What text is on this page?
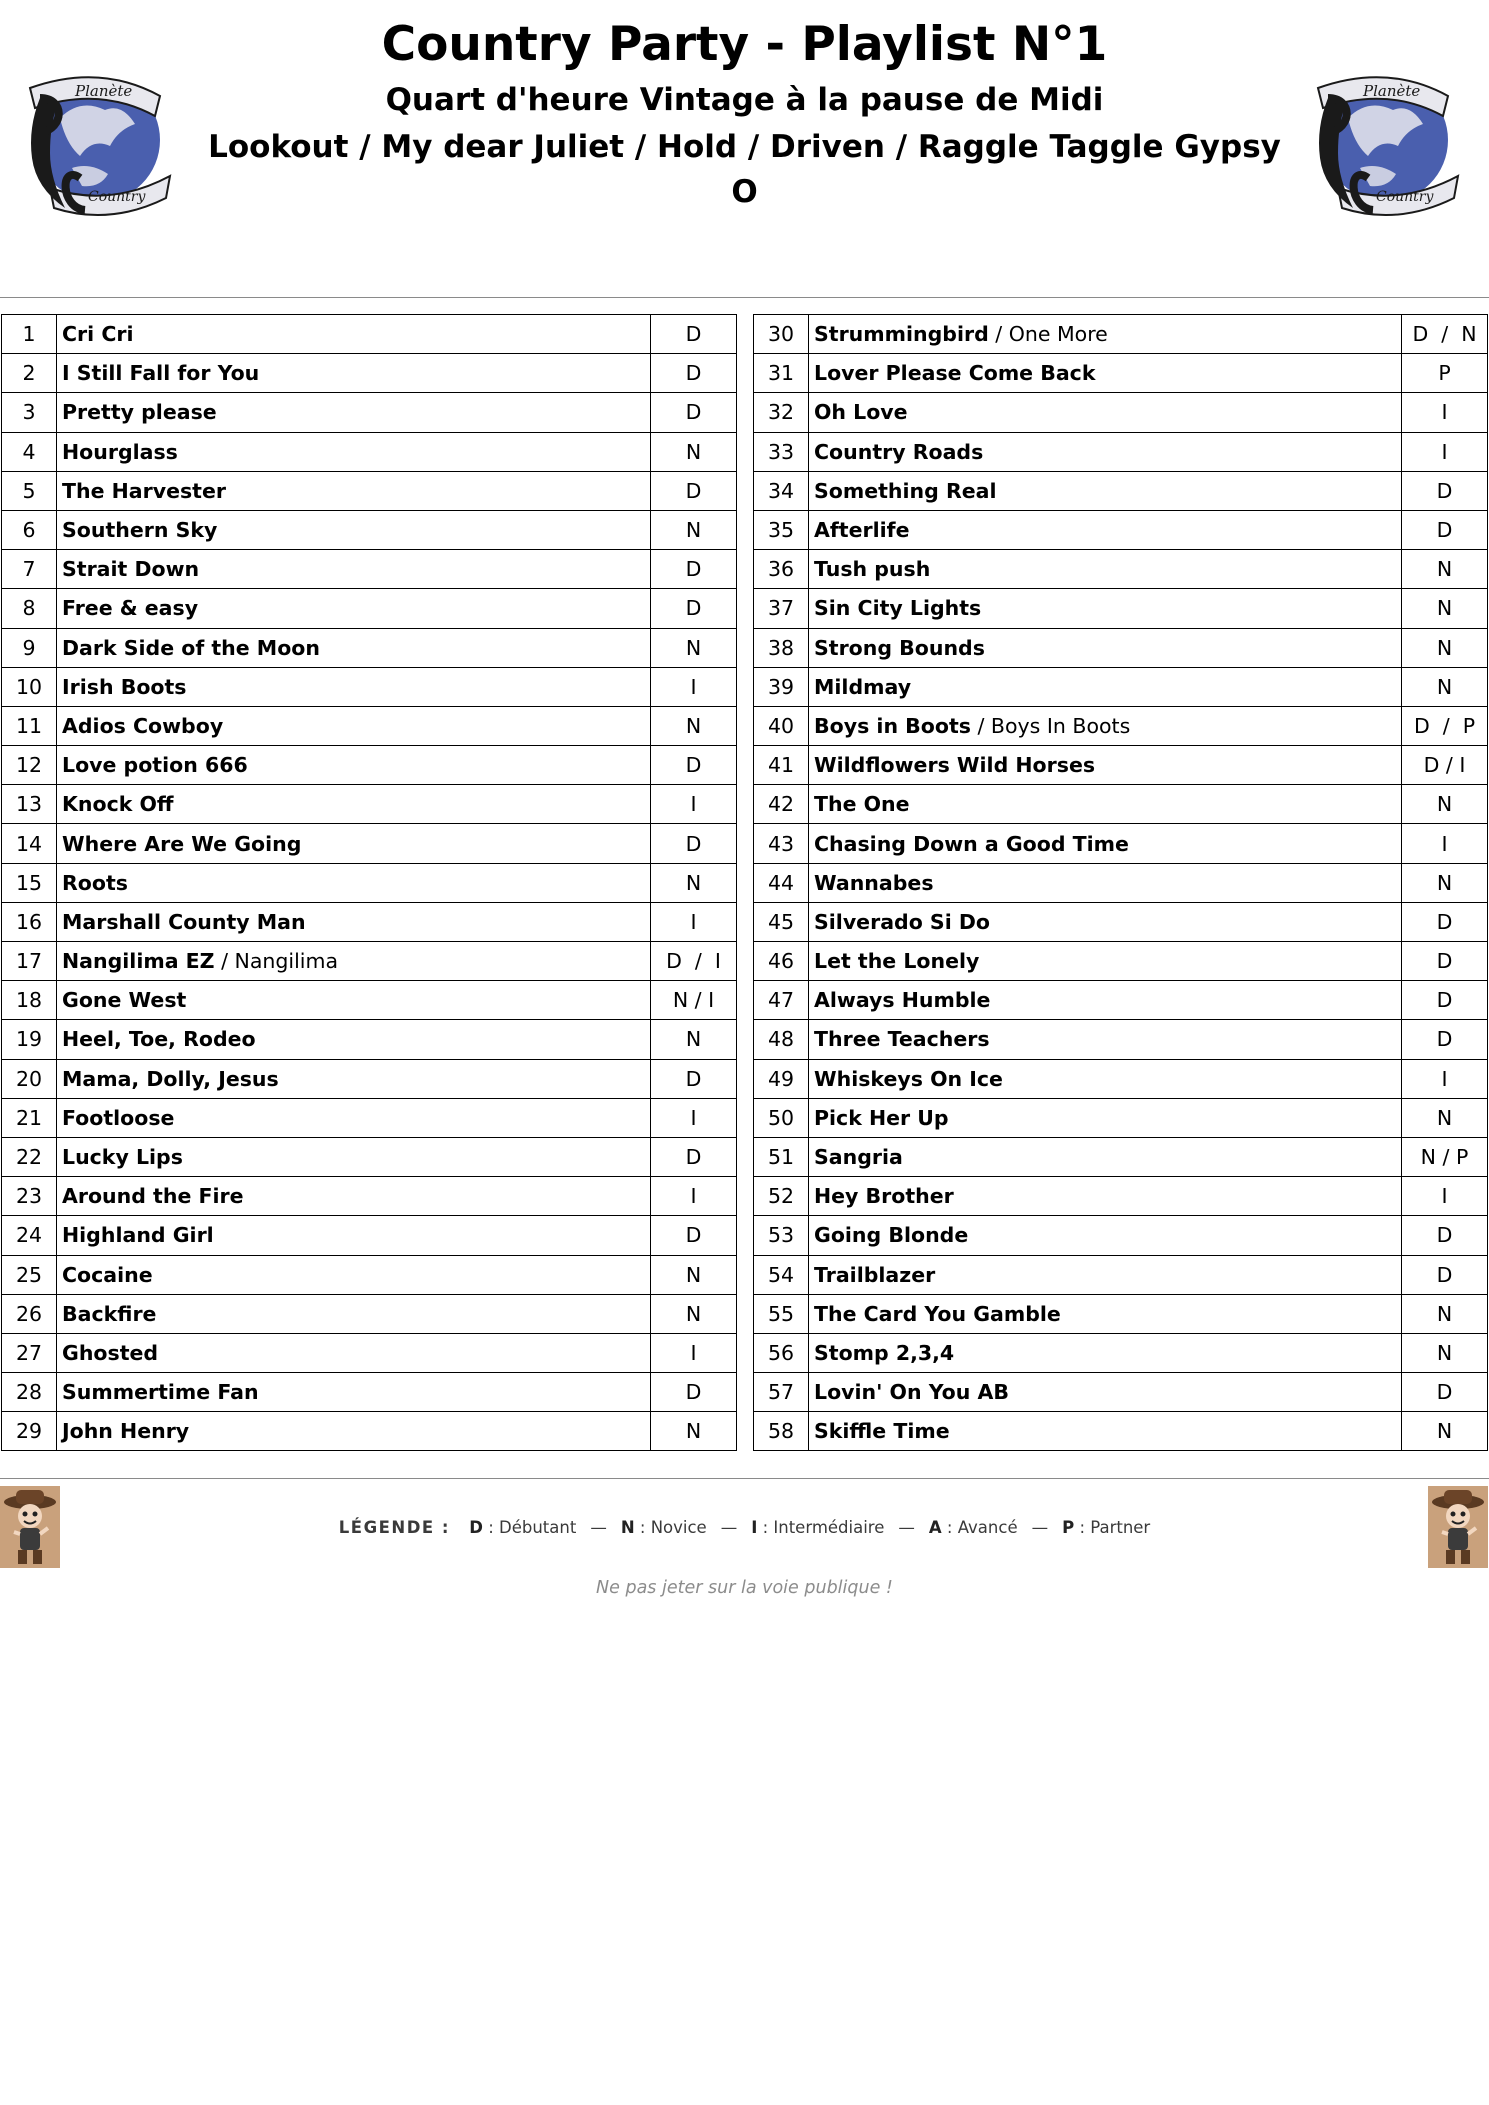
Planète
Country
Country Party - Playlist N°1
Quart d'heure Vintage à la pause de Midi
Lookout / My dear Juliet / Hold / Driven / Raggle Taggle Gypsy
O
Planète
Country
1	Cri Cri	D
2	I Still Fall for You	D
3	Pretty please	D
4	Hourglass	N
5	The Harvester	D
6	Southern Sky	N
7	Strait Down	D
8	Free & easy	D
9	Dark Side of the Moon	N
10	Irish Boots	I
11	Adios Cowboy	N
12	Love potion 666	D
13	Knock Off	I
14	Where Are We Going	D
15	Roots	N
16	Marshall County Man	I
17	Nangilima EZ / Nangilima	D  /  I
18	Gone West	N / I
19	Heel, Toe, Rodeo	N
20	Mama, Dolly, Jesus	D
21	Footloose	I
22	Lucky Lips	D
23	Around the Fire	I
24	Highland Girl	D
25	Cocaine	N
26	Backfire	N
27	Ghosted	I
28	Summertime Fan	D
29	John Henry	N
30	Strummingbird / One More	D  /  N
31	Lover Please Come Back	P
32	Oh Love	I
33	Country Roads	I
34	Something Real	D
35	Afterlife	D
36	Tush push	N
37	Sin City Lights	N
38	Strong Bounds	N
39	Mildmay	N
40	Boys in Boots / Boys In Boots	D  /  P
41	Wildflowers Wild Horses	D / I
42	The One	N
43	Chasing Down a Good Time	I
44	Wannabes	N
45	Silverado Si Do	D
46	Let the Lonely	D
47	Always Humble	D
48	Three Teachers	D
49	Whiskeys On Ice	I
50	Pick Her Up	N
51	Sangria	N / P
52	Hey Brother	I
53	Going Blonde	D
54	Trailblazer	D
55	The Card You Gamble	N
56	Stomp 2,3,4	N
57	Lovin' On You AB	D
58	Skiffle Time	N
LÉGENDE : D : Débutant — N : Novice — I : Intermédiaire — A : Avancé — P : Partner
Ne pas jeter sur la voie publique !
